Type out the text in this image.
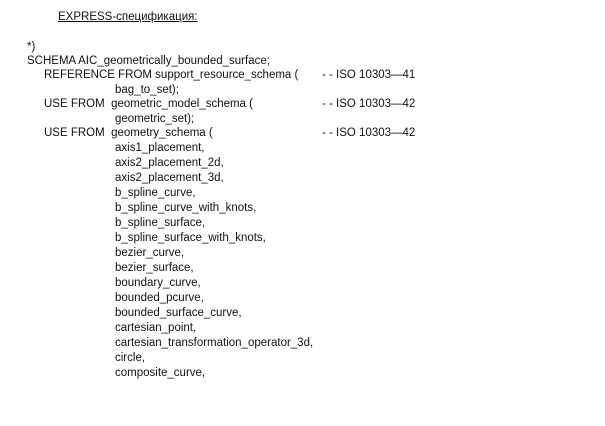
EXPRESS-спецификация:
*)
SCHEMA AIC_geometrically_bounded_surface;
REFERENCE FROM support_resource_schema ( - - ISO 10303—41
bag_to_set);
USE FROM  geometric_model_schema (	- - ISO 10303—42
geometric_set);
USE FROM  geometry_schema (	- - ISO 10303—42
axis1_placement,
axis2_placement_2d,
axis2_placement_3d,
b_spline_curve,
b_spline_curve_with_knots,
b_spline_surface,
b_spline_surface_with_knots,
bezier_curve,
bezier_surface,
boundary_curve,
bounded_pcurve,
bounded_surface_curve,
cartesian_point,
cartesian_transformation_operator_3d,
circle,
composite_curve,
